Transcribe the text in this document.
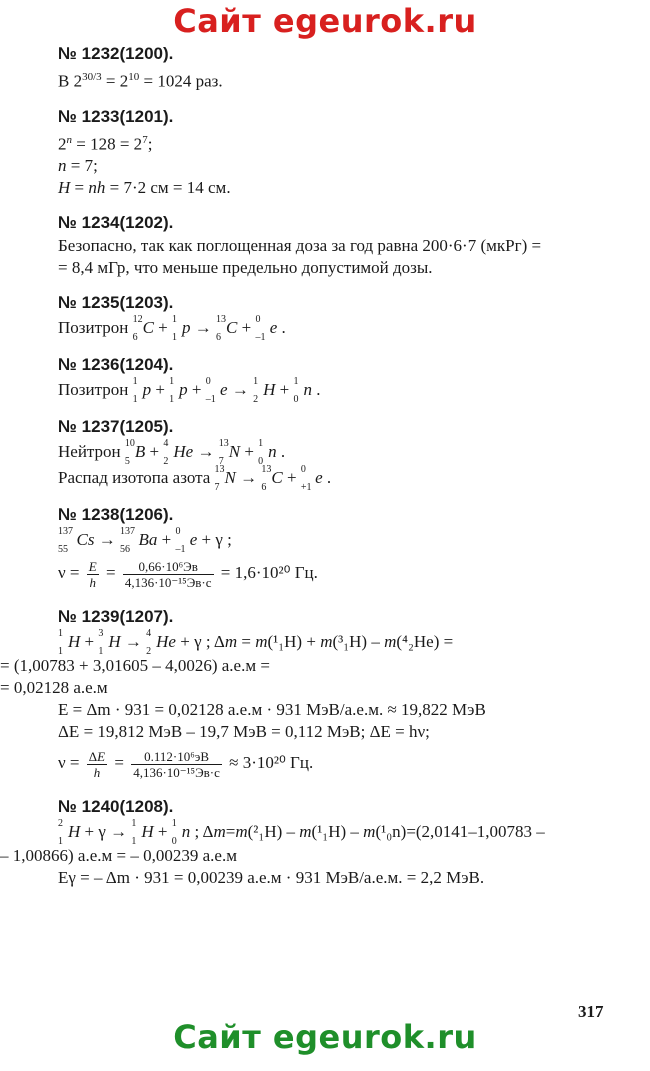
Сайт egeurok.ru
№ 1232(1200).
В $2^{30/3} = 2^{10} = 1024$ раз.
№ 1233(1201).
$2^n = 128 = 2^7$;
n = 7;
H = nh = 7·2 см = 14 см.
№ 1234(1202).
Безопасно, так как поглощенная доза за год равна 200·6·7 (мкРг) =
= 8,4 мГр, что меньше предельно допустимой дозы.
№ 1235(1203).
Позитрон 12
6
C + 1
1
p → 13
6
C + 0
–1
e .
№ 1236(1204).
Позитрон 1
1
p + 1
1
p + 0
–1
e → 1
2
H + 1
0
n .
№ 1237(1205).
Нейтрон 10
5
B + 4
2
He → 13
7
N + 1
0
n .
Распад изотопа азота 13
7
N → 13
6
C + 0
+1
e .
№ 1238(1206).
137
55
Cs → 137
56
Ba + 0
–1
e + γ ;
$\nu = \frac{E}{h} = \frac{\text{0,66·10⁶Эв}}{\text{4,136·10⁻¹⁵Эв·с}} = 1,6\cdot 10^{20}$ Гц.
№ 1239(1207).
1
1
H + 3
1
H → 4
2
He + γ ; Δm = m(¹₁H) + m(³₁H) – m(⁴₂He) =
= (1,00783 + 3,01605 – 4,0026) а.е.м =
= 0,02128 а.е.м
E = Δm · 931 = 0,02128 а.е.м · 931 МэВ/а.е.м. ≈ 19,822 МэВ
ΔE = 19,812 МэВ – 19,7 МэВ = 0,112 МэВ; ΔE = hν;
$\nu = \frac{\Delta E}{h} = \frac{\text{0.112·10⁶эВ}}{\text{4,136·10⁻¹⁵Эв·с}} \approx 3\cdot 10^{20}$ Гц.
№ 1240(1208).
2
1
H + γ → 1
1
H + 1
0
n ; Δm=m(²₁H) – m(¹₁H) – m(¹₀n)=(2,0141–1,00783 –
– 1,00866) а.е.м = – 0,00239 а.е.м
Eγ = – Δm · 931 = 0,00239 а.е.м · 931 МэВ/а.е.м. = 2,2 МэВ.
317
Сайт egeurok.ru
